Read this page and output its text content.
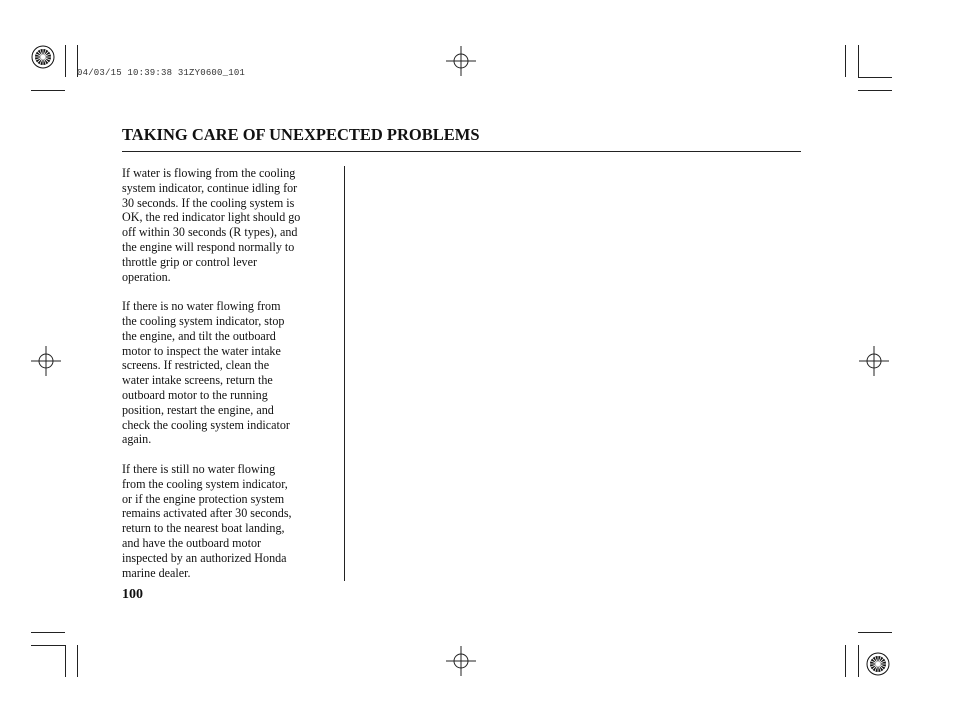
04/03/15 10:39:38 31ZY0600_101
TAKING CARE OF UNEXPECTED PROBLEMS

If water is flowing from the cooling
system indicator, continue idling for
30 seconds. If the cooling system is
OK, the red indicator light should go
off within 30 seconds (R types), and
the engine will respond normally to
throttle grip or control lever
operation.

If there is no water flowing from
the cooling system indicator, stop
the engine, and tilt the outboard
motor to inspect the water intake
screens. If restricted, clean the
water intake screens, return the
outboard motor to the running
position, restart the engine, and
check the cooling system indicator
again.

If there is still no water flowing
from the cooling system indicator,
or if the engine protection system
remains activated after 30 seconds,
return to the nearest boat landing,
and have the outboard motor
inspected by an authorized Honda
marine dealer.

100
